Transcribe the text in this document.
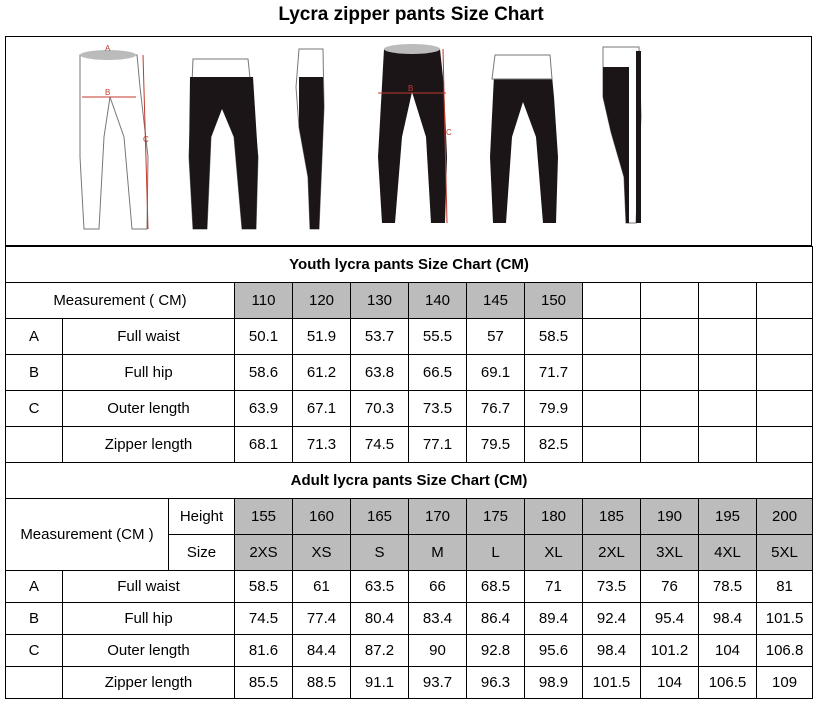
Lycra zipper pants Size Chart
A
B
C
B
C
Youth lycra pants Size Chart (CM)												
Measurement ( CM)			110	120	130	140	145	150				
A	Full waist		50.1	51.9	53.7	55.5	57	58.5				
B	Full hip		58.6	61.2	63.8	66.5	69.1	71.7				
C	Outer length		63.9	67.1	70.3	73.5	76.7	79.9				
	Zipper length		68.1	71.3	74.5	77.1	79.5	82.5				
Adult lycra pants Size Chart (CM)												
Measurement (CM )		Height	155	160	165	170	175	180	185	190	195	200
		Size	2XS	XS	S	M	L	XL	2XL	3XL	4XL	5XL
A	Full waist		58.5	61	63.5	66	68.5	71	73.5	76	78.5	81
B	Full hip		74.5	77.4	80.4	83.4	86.4	89.4	92.4	95.4	98.4	101.5
C	Outer length		81.6	84.4	87.2	90	92.8	95.6	98.4	101.2	104	106.8
	Zipper length		85.5	88.5	91.1	93.7	96.3	98.9	101.5	104	106.5	109
